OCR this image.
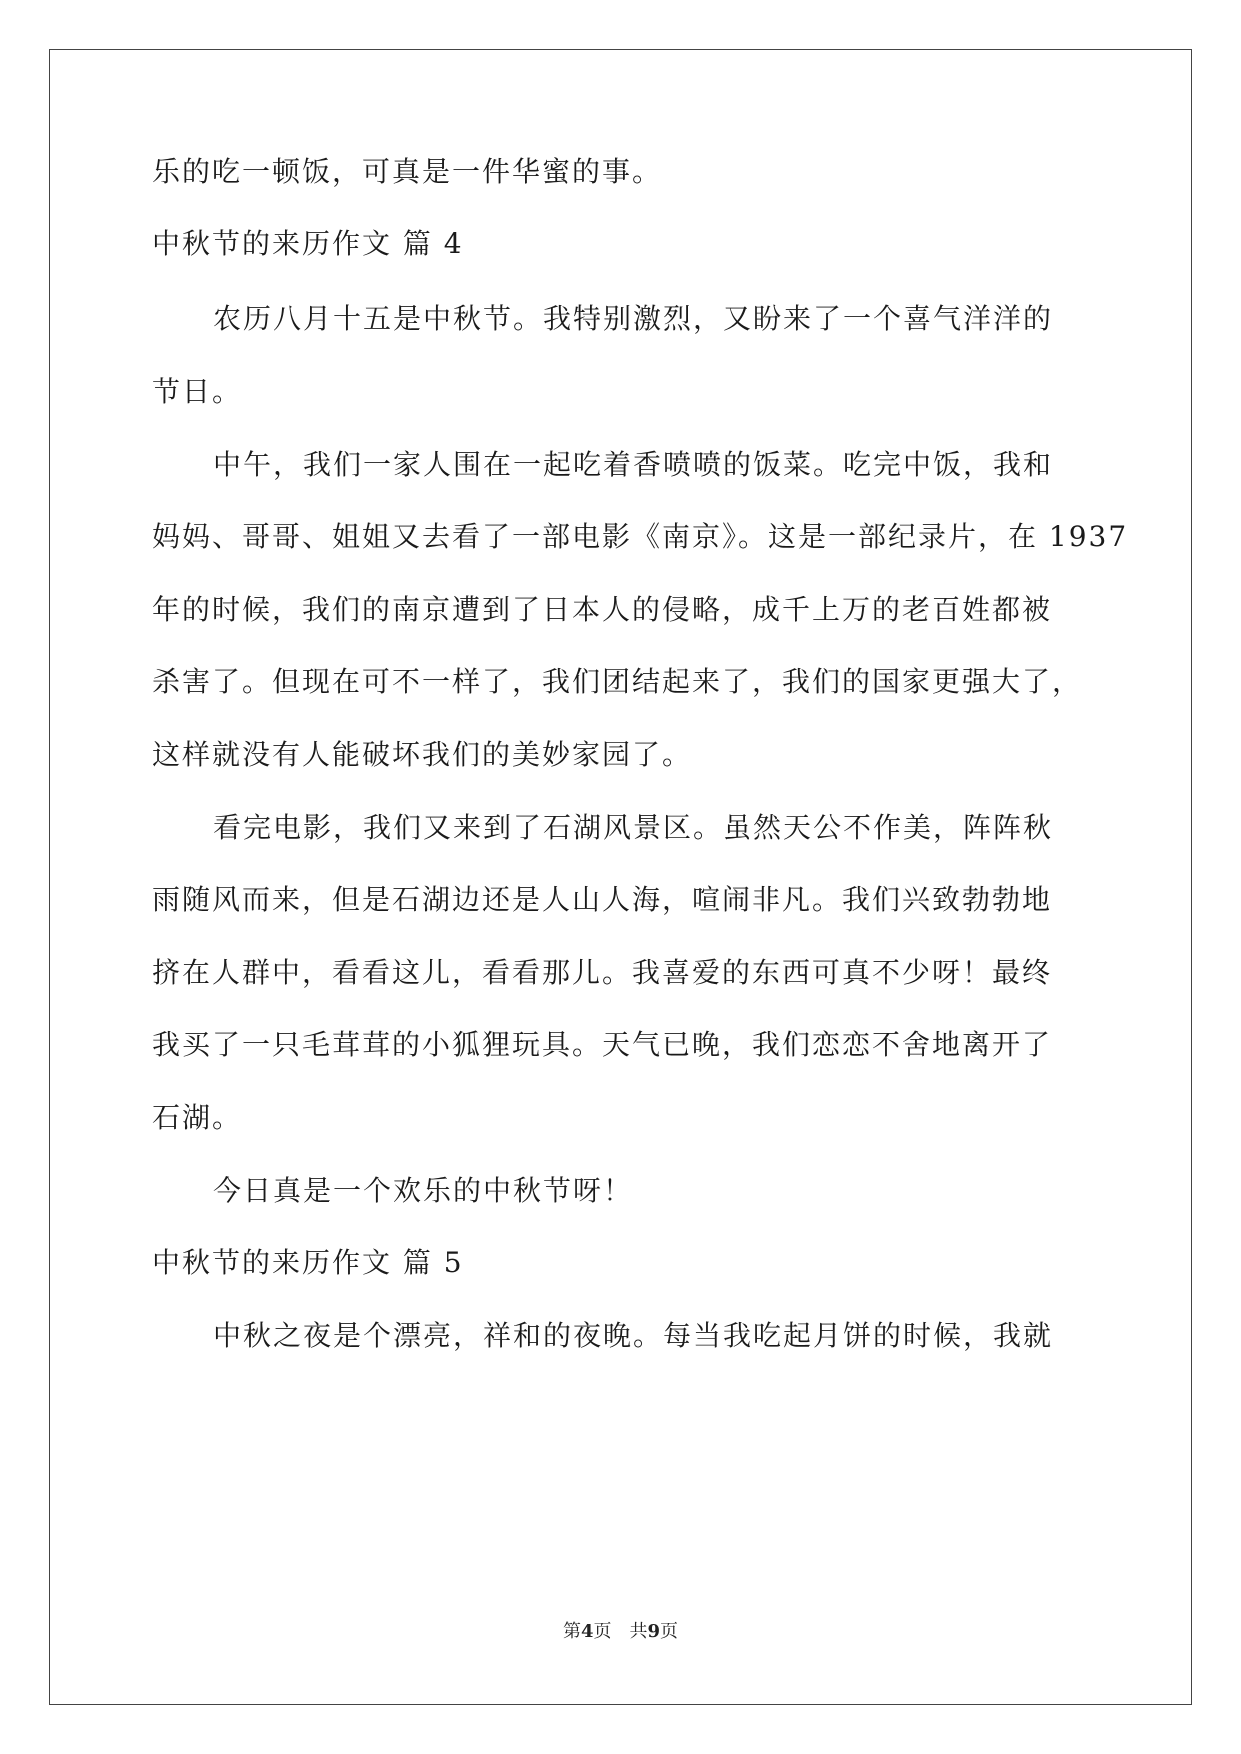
乐的吃一顿饭，可真是一件华蜜的事。
中秋节的来历作文 篇 4
农历八月十五是中秋节。我特别激烈，又盼来了一个喜气洋洋的
节日。
中午，我们一家人围在一起吃着香喷喷的饭菜。吃完中饭，我和
妈妈、哥哥、姐姐又去看了一部电影《南京》。这是一部纪录片，在 1937
年的时候，我们的南京遭到了日本人的侵略，成千上万的老百姓都被
杀害了。但现在可不一样了，我们团结起来了，我们的国家更强大了，
这样就没有人能破坏我们的美妙家园了。
看完电影，我们又来到了石湖风景区。虽然天公不作美，阵阵秋
雨随风而来，但是石湖边还是人山人海，喧闹非凡。我们兴致勃勃地
挤在人群中，看看这儿，看看那儿。我喜爱的东西可真不少呀！最终
我买了一只毛茸茸的小狐狸玩具。天气已晚，我们恋恋不舍地离开了
石湖。
今日真是一个欢乐的中秋节呀！
中秋节的来历作文 篇 5
中秋之夜是个漂亮，祥和的夜晚。每当我吃起月饼的时候，我就
第4页 共9页
